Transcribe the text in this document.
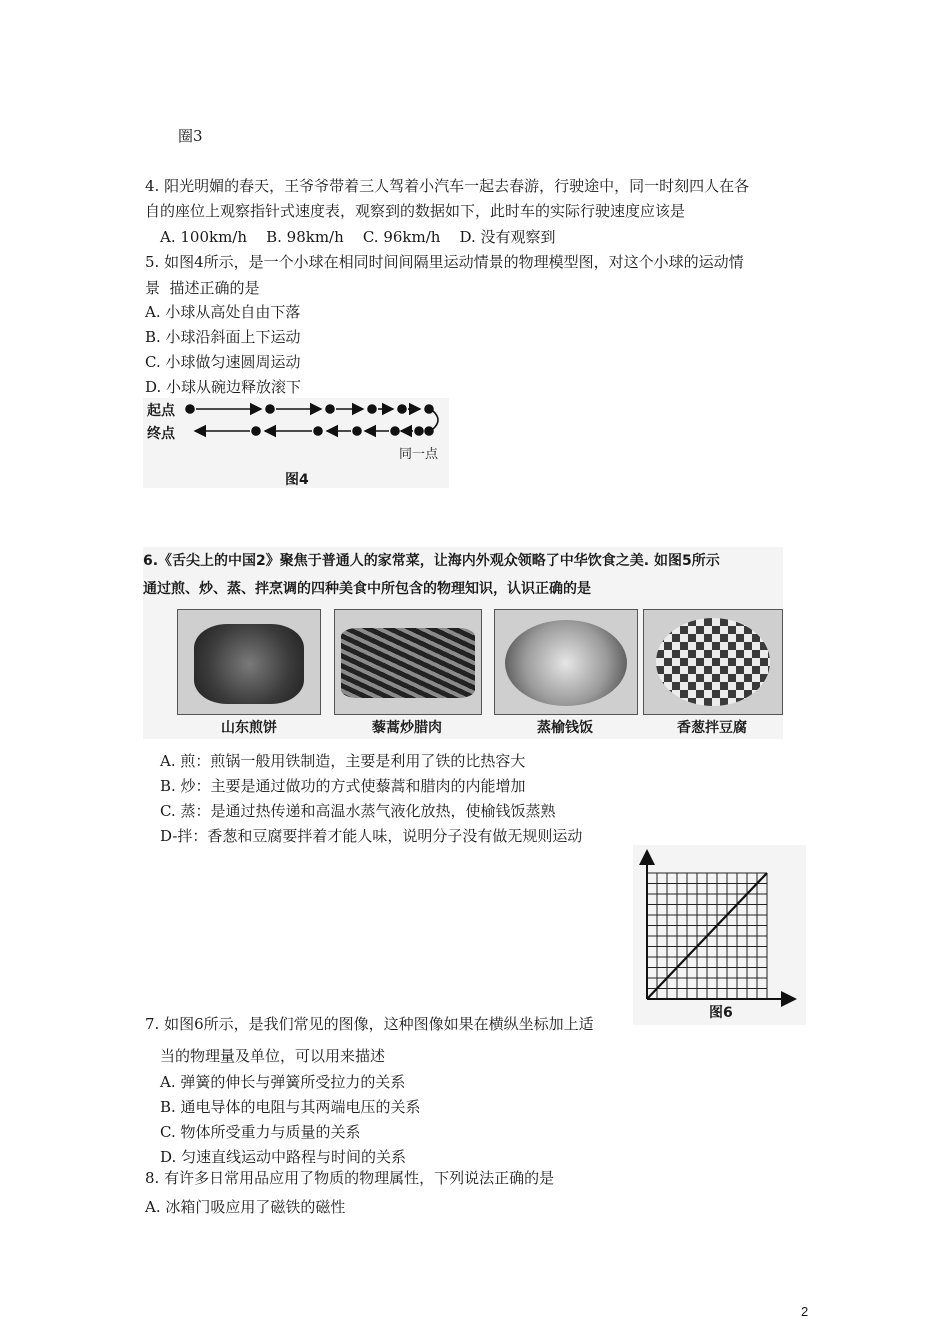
圈3
4. 阳光明媚的春天，王爷爷带着三人驾着小汽车一起去春游，行驶途中，同一时刻四人在各
自的座位上观察指针式速度表，观察到的数据如下，此时车的实际行驶速度应该是
A. 100km/h    B. 98km/h    C. 96km/h    D. 没有观察到
5. 如图4所示，是一个小球在相同时间间隔里运动情景的物理模型图，对这个小球的运动情
景  描述正确的是
A. 小球从高处自由下落
B. 小球沿斜面上下运动
C. 小球做匀速圆周运动
D. 小球从碗边释放滚下
起点
终点
同一点
图4
6.《舌尖上的中国2》聚焦于普通人的家常菜，让海内外观众领略了中华饮食之美. 如图5所示
通过煎、炒、蒸、拌烹调的四种美食中所包含的物理知识，认识正确的是
山东煎饼	藜蒿炒腊肉	蒸榆钱饭	香葱拌豆腐
A. 煎：煎锅一般用铁制造，主要是利用了铁的比热容大
B. 炒：主要是通过做功的方式使藜蒿和腊肉的内能增加
C. 蒸：是通过热传递和高温水蒸气液化放热，使榆钱饭蒸熟
D-拌：香葱和豆腐要拌着才能人味，说明分子没有做无规则运动
图6
7. 如图6所示，是我们常见的图像，这种图像如果在横纵坐标加上适
当的物理量及单位，可以用来描述
A. 弹簧的伸长与弹簧所受拉力的关系
B. 通电导体的电阻与其两端电压的关系
C. 物体所受重力与质量的关系
D. 匀速直线运动中路程与时间的关系
8. 有许多日常用品应用了物质的物理属性，下列说法正确的是
A. 冰箱门吸应用了磁铁的磁性
2
